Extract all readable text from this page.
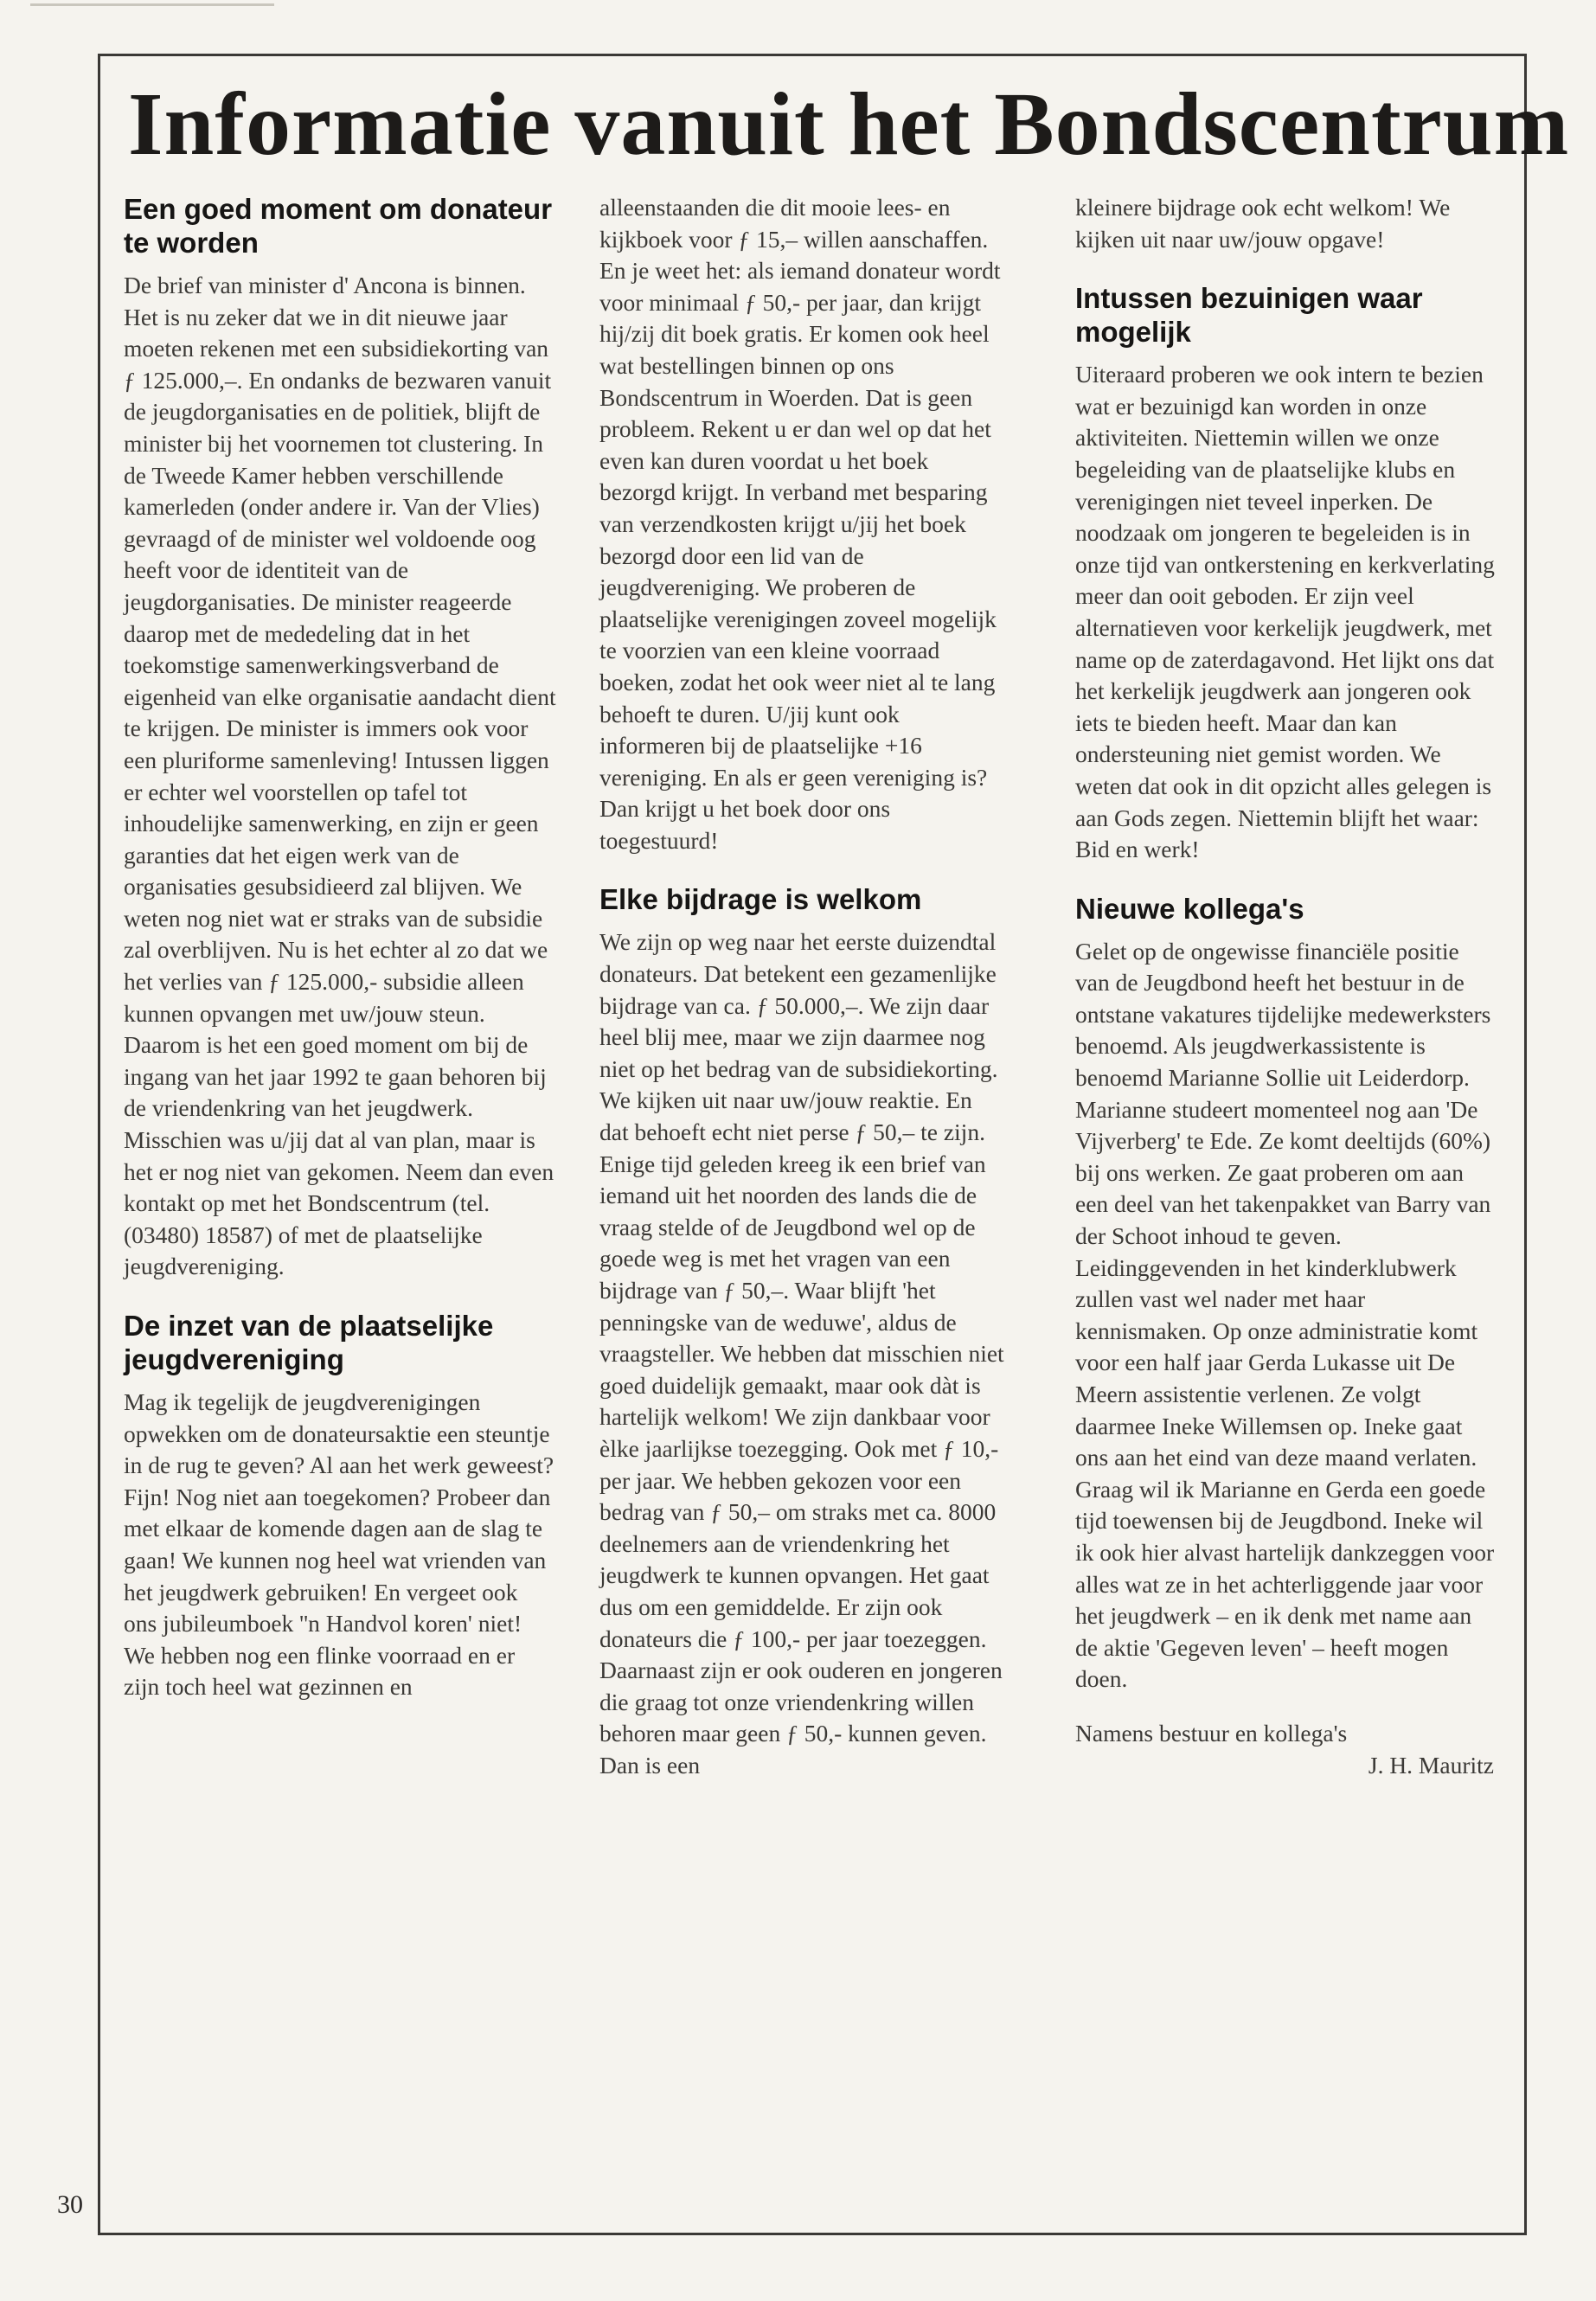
Informatie vanuit het Bondscentrum
Een goed moment om donateur te worden

De brief van minister d' Ancona is binnen. Het is nu zeker dat we in dit nieuwe jaar moeten rekenen met een subsidiekorting van ƒ 125.000,–. En ondanks de bezwaren vanuit de jeugdorganisaties en de politiek, blijft de minister bij het voornemen tot clustering. In de Tweede Kamer hebben verschillende kamerleden (onder andere ir. Van der Vlies) gevraagd of de minister wel voldoende oog heeft voor de identiteit van de jeugdorganisaties. De minister reageerde daarop met de mededeling dat in het toekomstige samenwerkingsverband de eigenheid van elke organisatie aandacht dient te krijgen. De minister is immers ook voor een pluriforme samenleving! Intussen liggen er echter wel voorstellen op tafel tot inhoudelijke samenwerking, en zijn er geen garanties dat het eigen werk van de organisaties gesubsidieerd zal blijven. We weten nog niet wat er straks van de subsidie zal overblijven. Nu is het echter al zo dat we het verlies van ƒ 125.000,- subsidie alleen kunnen opvangen met uw/jouw steun. Daarom is het een goed moment om bij de ingang van het jaar 1992 te gaan behoren bij de vriendenkring van het jeugdwerk. Misschien was u/jij dat al van plan, maar is het er nog niet van gekomen. Neem dan even kontakt op met het Bondscentrum (tel. (03480) 18587) of met de plaatselijke jeugdvereniging.

De inzet van de plaatselijke jeugdvereniging

Mag ik tegelijk de jeugdverenigingen opwekken om de donateursaktie een steuntje in de rug te geven? Al aan het werk geweest? Fijn! Nog niet aan toegekomen? Probeer dan met elkaar de komende dagen aan de slag te gaan! We kunnen nog heel wat vrienden van het jeugdwerk gebruiken! En vergeet ook ons jubileumboek ''n Handvol koren' niet! We hebben nog een flinke voorraad en er zijn toch heel wat gezinnen en

alleenstaanden die dit mooie lees- en kijkboek voor ƒ 15,– willen aanschaffen. En je weet het: als iemand donateur wordt voor minimaal ƒ 50,- per jaar, dan krijgt hij/zij dit boek gratis. Er komen ook heel wat bestellingen binnen op ons Bondscentrum in Woerden. Dat is geen probleem. Rekent u er dan wel op dat het even kan duren voordat u het boek bezorgd krijgt. In verband met besparing van verzendkosten krijgt u/jij het boek bezorgd door een lid van de jeugdvereniging. We proberen de plaatselijke verenigingen zoveel mogelijk te voorzien van een kleine voorraad boeken, zodat het ook weer niet al te lang behoeft te duren. U/jij kunt ook informeren bij de plaatselijke +16 vereniging. En als er geen vereniging is? Dan krijgt u het boek door ons toegestuurd!

Elke bijdrage is welkom

We zijn op weg naar het eerste duizendtal donateurs. Dat betekent een gezamenlijke bijdrage van ca. ƒ 50.000,–. We zijn daar heel blij mee, maar we zijn daarmee nog niet op het bedrag van de subsidiekorting. We kijken uit naar uw/jouw reaktie. En dat behoeft echt niet perse ƒ 50,– te zijn. Enige tijd geleden kreeg ik een brief van iemand uit het noorden des lands die de vraag stelde of de Jeugdbond wel op de goede weg is met het vragen van een bijdrage van ƒ 50,–. Waar blijft 'het penningske van de weduwe', aldus de vraagsteller. We hebben dat misschien niet goed duidelijk gemaakt, maar ook dàt is hartelijk welkom! We zijn dankbaar voor èlke jaarlijkse toezegging. Ook met ƒ 10,- per jaar. We hebben gekozen voor een bedrag van ƒ 50,– om straks met ca. 8000 deelnemers aan de vriendenkring het jeugdwerk te kunnen opvangen. Het gaat dus om een gemiddelde. Er zijn ook donateurs die ƒ 100,- per jaar toezeggen. Daarnaast zijn er ook ouderen en jongeren die graag tot onze vriendenkring willen behoren maar geen ƒ 50,- kunnen geven. Dan is een

kleinere bijdrage ook echt welkom! We kijken uit naar uw/jouw opgave!

Intussen bezuinigen waar mogelijk

Uiteraard proberen we ook intern te bezien wat er bezuinigd kan worden in onze aktiviteiten. Niettemin willen we onze begeleiding van de plaatselijke klubs en verenigingen niet teveel inperken. De noodzaak om jongeren te begeleiden is in onze tijd van ontkerstening en kerkverlating meer dan ooit geboden. Er zijn veel alternatieven voor kerkelijk jeugdwerk, met name op de zaterdagavond. Het lijkt ons dat het kerkelijk jeugdwerk aan jongeren ook iets te bieden heeft. Maar dan kan ondersteuning niet gemist worden. We weten dat ook in dit opzicht alles gelegen is aan Gods zegen. Niettemin blijft het waar: Bid en werk!

Nieuwe kollega's

Gelet op de ongewisse financiële positie van de Jeugdbond heeft het bestuur in de ontstane vakatures tijdelijke medewerksters benoemd. Als jeugdwerkassistente is benoemd Marianne Sollie uit Leiderdorp. Marianne studeert momenteel nog aan 'De Vijverberg' te Ede. Ze komt deeltijds (60%) bij ons werken. Ze gaat proberen om aan een deel van het takenpakket van Barry van der Schoot inhoud te geven. Leidinggevenden in het kinderklubwerk zullen vast wel nader met haar kennismaken. Op onze administratie komt voor een half jaar Gerda Lukasse uit De Meern assistentie verlenen. Ze volgt daarmee Ineke Willemsen op. Ineke gaat ons aan het eind van deze maand verlaten. Graag wil ik Marianne en Gerda een goede tijd toewensen bij de Jeugdbond. Ineke wil ik ook hier alvast hartelijk dankzeggen voor alles wat ze in het achterliggende jaar voor het jeugdwerk – en ik denk met name aan de aktie 'Gegeven leven' – heeft mogen doen.

Namens bestuur en kollega's

J. H. Mauritz

30
